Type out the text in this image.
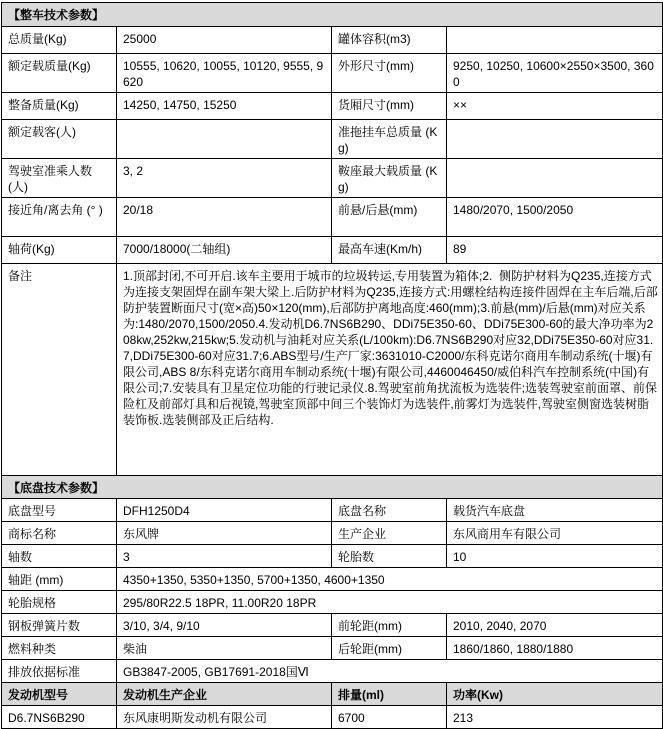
【整车技术参数】			
总质量(Kg)	25000	罐体容积(m3)	
额定载质量(Kg)	10555, 10620, 10055, 10120, 9555, 9620	外形尺寸(mm)	9250, 10250, 10600×2550×3500, 3600
整备质量(Kg)	14250, 14750, 15250	货厢尺寸(mm)	××
额定载客(人)		准拖挂车总质量 (Kg)	
驾驶室准乘人数 (人)	3, 2	鞍座最大载质量 (Kg)	
接近角/离去角 (° )	20/18	前悬/后悬(mm)	1480/2070, 1500/2050
轴荷(Kg)	7000/18000(二轴组)	最高车速(Km/h)	89
备注	1.顶部封闭,不可开启.该车主要用于城市的垃圾转运,专用装置为箱体;2.  侧防护材料为Q235,连接方式为连接支架固焊在副车架大梁上.后防护材料为Q235,连接方式:用螺栓结构连接件固焊在主车后端,后部防护装置断面尺寸(宽×高)50×120(mm),后部防护离地高度:460(mm);3.前悬(mm)/后悬(mm)对应关系为:1480/2070,1500/2050.4.发动机D6.7NS6B290、DDi75E350-60、DDi75E300-60的最大净功率为208kw,252kw,215kw;5.发动机与油耗对应关系(L/100km):D6.7NS6B290对应32,DDi75E350-60对应31.7,DDi75E300-60对应31.7;6.ABS型号/生产厂家:3631010-C2000/东科克诺尔商用车制动系统(十堰)有限公司,ABS 8/东科克诺尔商用车制动系统(十堰)有限公司,4460046450/威伯科汽车控制系统(中国)有限公司;7.安装具有卫星定位功能的行驶记录仪.8.驾驶室前角扰流板为选装件;选装驾驶室前面罩、前保险杠及前部灯具和后视镜,驾驶室顶部中间三个装饰灯为选装件,前雾灯为选装件,驾驶室侧窗选装树脂装饰板.选装侧部及正后结构.		
【底盘技术参数】			
底盘型号	DFH1250D4	底盘名称	载货汽车底盘
商标名称	东风牌	生产企业	东风商用车有限公司
轴数	3	轮胎数	10
轴距 (mm)	4350+1350, 5350+1350, 5700+1350, 4600+1350		
轮胎规格	295/80R22.5 18PR, 11.00R20 18PR		
钢板弹簧片数	3/10, 3/4, 9/10	前轮距(mm)	2010, 2040, 2070
燃料种类	柴油	后轮距(mm)	1860/1860, 1880/1880
排放依据标准	GB3847-2005, GB17691-2018国Ⅵ		
发动机型号	发动机生产企业	排量(ml)	功率(Kw)
D6.7NS6B290	东风康明斯发动机有限公司	6700	213
